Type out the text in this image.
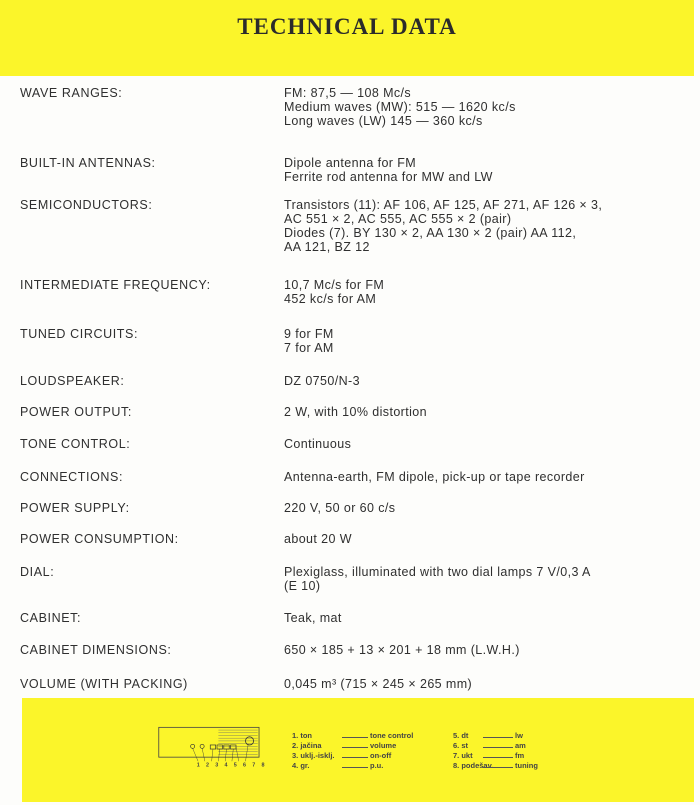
TECHNICAL DATA
WAVE RANGES:	FM: 87,5 — 108 Mc/s
Medium waves (MW): 515 — 1620 kc/s
Long waves (LW) 145 — 360 kc/s
BUILT-IN ANTENNAS:	Dipole antenna for FM
Ferrite rod antenna for MW and LW
SEMICONDUCTORS:	Transistors (11): AF 106, AF 125, AF 271, AF 126 × 3,
AC 551 × 2, AC 555, AC 555 × 2 (pair)
Diodes (7). BY 130 × 2, AA 130 × 2 (pair) AA 112,
AA 121, BZ 12
INTERMEDIATE FREQUENCY:	10,7 Mc/s for FM
452 kc/s for AM
TUNED CIRCUITS:	9 for FM
7 for AM
LOUDSPEAKER:	DZ 0750/N-3
POWER OUTPUT:	2 W, with 10% distortion
TONE CONTROL:	Continuous
CONNECTIONS:	Antenna-earth, FM dipole, pick-up or tape recorder
POWER SUPPLY:	220 V, 50 or 60 c/s
POWER CONSUMPTION:	about 20 W
DIAL:	Plexiglass, illuminated with two dial lamps 7 V/0,3 A
(E 10)
CABINET:	Teak, mat
CABINET DIMENSIONS:	650 × 185 + 13 × 201 + 18 mm (L.W.H.)
VOLUME (WITH PACKING)	0,045 m³ (715 × 245 × 265 mm)
1 2 3 4 5 6 7 8
1. ton	tone control
2. jačina	volume
3. uklj.-isklj.	on-off
4. gr.	p.u.
5. dt	lw
6. st	am
7. ukt	fm
8. podešav.	tuning
